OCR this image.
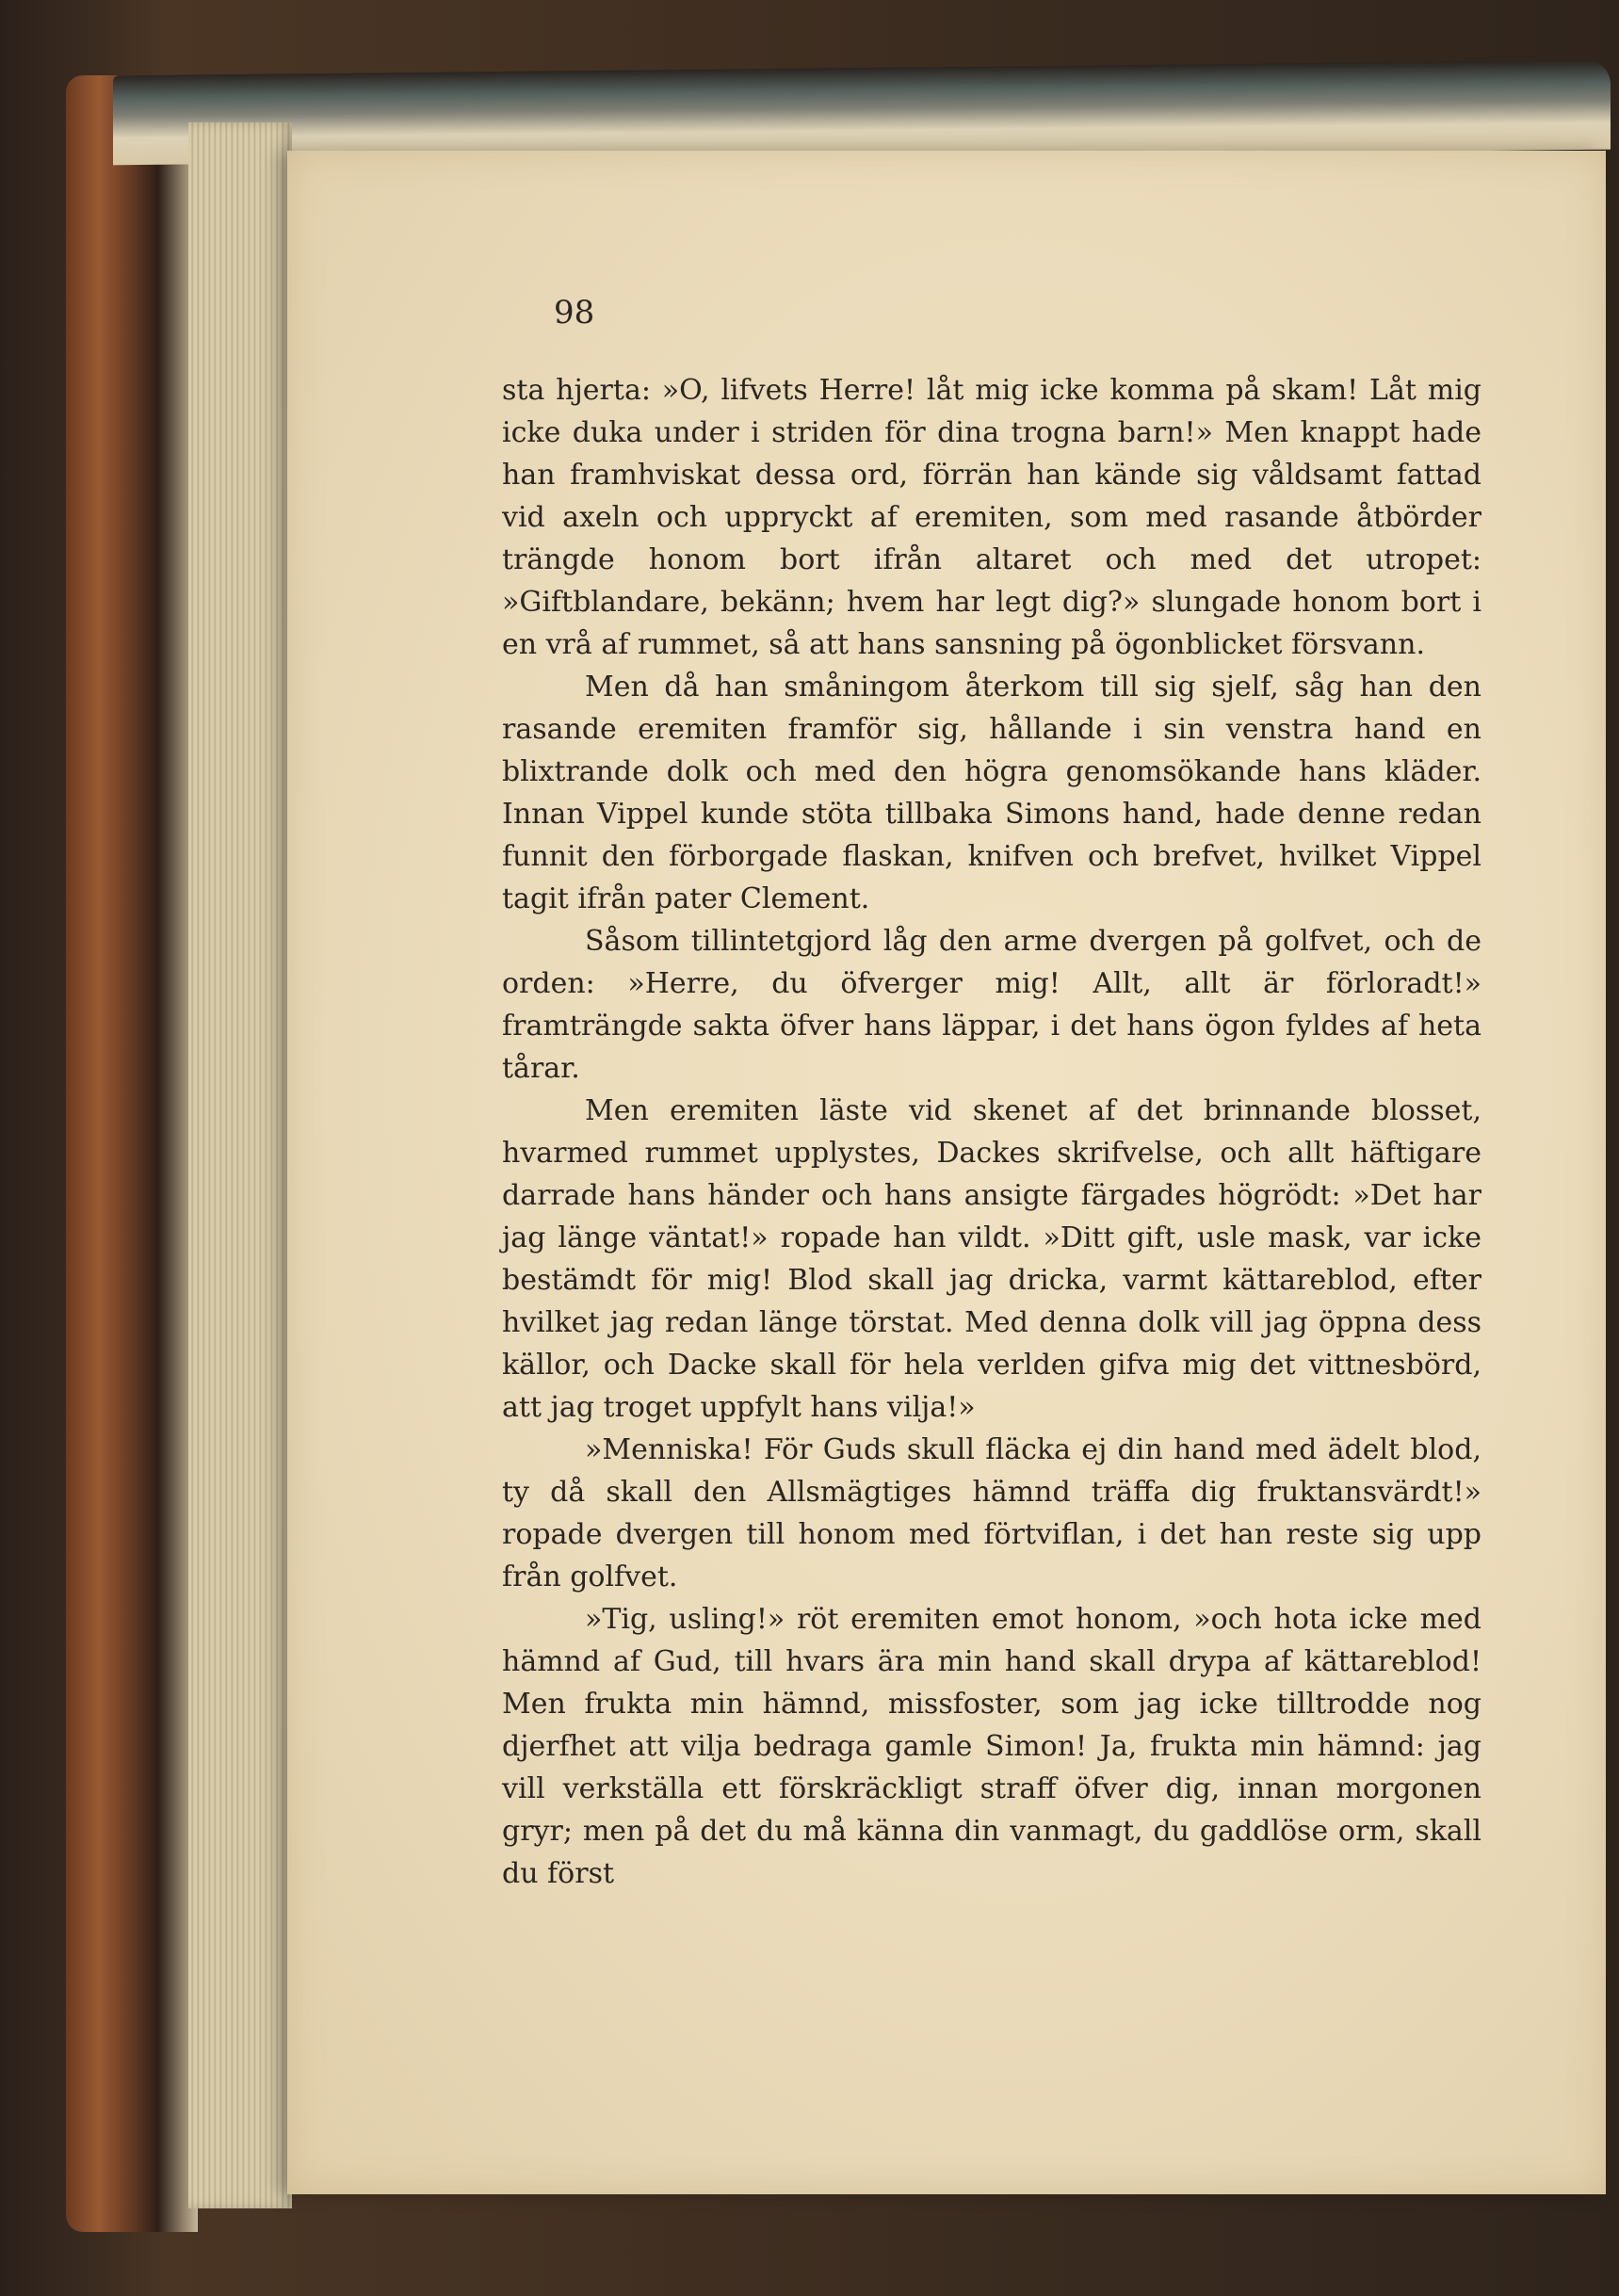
98

sta hjerta: »O, lifvets Herre! låt mig icke komma på skam! Låt mig icke duka under i striden för dina trogna barn!» Men knappt hade han framhviskat dessa ord, förrän han kände sig våldsamt fattad vid axeln och uppryckt af eremiten, som med rasande åtbörder trängde honom bort ifrån altaret och med det utropet: »Giftblandare, bekänn; hvem har legt dig?» slungade honom bort i en vrå af rummet, så att hans sansning på ögonblicket försvann.

Men då han småningom återkom till sig sjelf, såg han den rasande eremiten framför sig, hållande i sin venstra hand en blixtrande dolk och med den högra genomsökande hans kläder. Innan Vippel kunde stöta tillbaka Simons hand, hade denne redan funnit den förborgade flaskan, knifven och brefvet, hvilket Vippel tagit ifrån pater Clement.

Såsom tillintetgjord låg den arme dvergen på golfvet, och de orden: »Herre, du öfverger mig! Allt, allt är förloradt!» framträngde sakta öfver hans läppar, i det hans ögon fyldes af heta tårar.

Men eremiten läste vid skenet af det brinnande blosset, hvarmed rummet upplystes, Dackes skrifvelse, och allt häftigare darrade hans händer och hans ansigte färgades högrödt: »Det har jag länge väntat!» ropade han vildt. »Ditt gift, usle mask, var icke bestämdt för mig! Blod skall jag dricka, varmt kättareblod, efter hvilket jag redan länge törstat. Med denna dolk vill jag öppna dess källor, och Dacke skall för hela verlden gifva mig det vittnesbörd, att jag troget uppfylt hans vilja!»

»Menniska! För Guds skull fläcka ej din hand med ädelt blod, ty då skall den Allsmägtiges hämnd träffa dig fruktansvärdt!» ropade dvergen till honom med förtviflan, i det han reste sig upp från golfvet.

»Tig, usling!» röt eremiten emot honom, »och hota icke med hämnd af Gud, till hvars ära min hand skall drypa af kättareblod! Men frukta min hämnd, missfoster, som jag icke tilltrodde nog djerfhet att vilja bedraga gamle Simon! Ja, frukta min hämnd: jag vill verkställa ett förskräckligt straff öfver dig, innan morgonen gryr; men på det du må känna din vanmagt, du gaddlöse orm, skall du först
